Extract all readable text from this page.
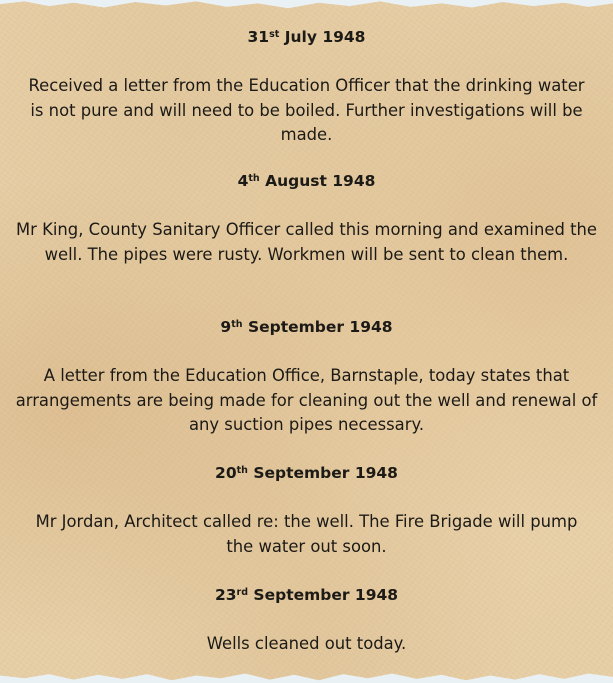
31st July 1948

Received a letter from the Education Officer that the drinking water is not pure and will need to be boiled. Further investigations will be made.

4th August 1948

Mr King, County Sanitary Officer called this morning and examined the well. The pipes were rusty. Workmen will be sent to clean them.

9th September 1948

A letter from the Education Office, Barnstaple, today states that arrangements are being made for cleaning out the well and renewal of any suction pipes necessary.

20th September 1948

Mr Jordan, Architect called re: the well. The Fire Brigade will pump the water out soon.

23rd September 1948

Wells cleaned out today.
